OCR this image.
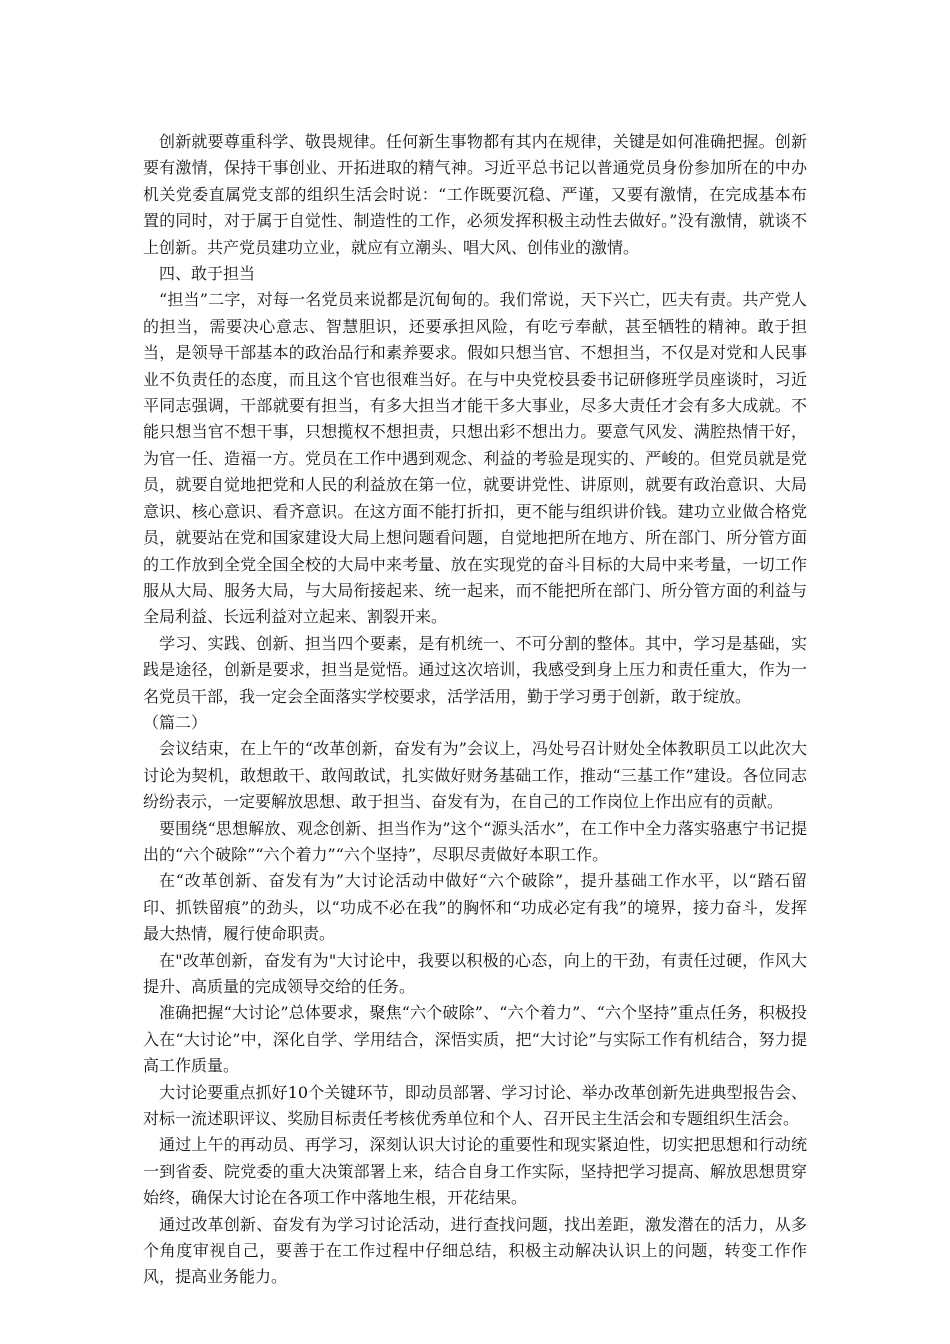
创新就要尊重科学、敬畏规律。任何新生事物都有其内在规律，关键是如何准确把握。创新要有激情，保持干事创业、开拓进取的精气神。习近平总书记以普通党员身份参加所在的中办机关党委直属党支部的组织生活会时说：“工作既要沉稳、严谨，又要有激情，在完成基本布置的同时，对于属于自觉性、制造性的工作，必须发挥积极主动性去做好。”没有激情，就谈不上创新。共产党员建功立业，就应有立潮头、唱大风、创伟业的激情。

四、敢于担当

“担当”二字，对每一名党员来说都是沉甸甸的。我们常说，天下兴亡，匹夫有责。共产党人的担当，需要决心意志、智慧胆识，还要承担风险，有吃亏奉献，甚至牺牲的精神。敢于担当，是领导干部基本的政治品行和素养要求。假如只想当官、不想担当，不仅是对党和人民事业不负责任的态度，而且这个官也很难当好。在与中央党校县委书记研修班学员座谈时，习近平同志强调，干部就要有担当，有多大担当才能干多大事业，尽多大责任才会有多大成就。不能只想当官不想干事，只想揽权不想担责，只想出彩不想出力。要意气风发、满腔热情干好，为官一任、造福一方。党员在工作中遇到观念、利益的考验是现实的、严峻的。但党员就是党员，就要自觉地把党和人民的利益放在第一位，就要讲党性、讲原则，就要有政治意识、大局意识、核心意识、看齐意识。在这方面不能打折扣，更不能与组织讲价钱。建功立业做合格党员，就要站在党和国家建设大局上想问题看问题，自觉地把所在地方、所在部门、所分管方面的工作放到全党全国全校的大局中来考量、放在实现党的奋斗目标的大局中来考量，一切工作服从大局、服务大局，与大局衔接起来、统一起来，而不能把所在部门、所分管方面的利益与全局利益、长远利益对立起来、割裂开来。

学习、实践、创新、担当四个要素，是有机统一、不可分割的整体。其中，学习是基础，实践是途径，创新是要求，担当是觉悟。通过这次培训，我感受到身上压力和责任重大，作为一名党员干部，我一定会全面落实学校要求，活学活用，勤于学习勇于创新，敢于绽放。

（篇二）

会议结束，在上午的“改革创新，奋发有为”会议上，冯处号召计财处全体教职员工以此次大讨论为契机，敢想敢干、敢闯敢试，扎实做好财务基础工作，推动“三基工作”建设。各位同志纷纷表示，一定要解放思想、敢于担当、奋发有为，在自己的工作岗位上作出应有的贡献。

要围绕“思想解放、观念创新、担当作为”这个“源头活水”，在工作中全力落实骆惠宁书记提出的“六个破除”“六个着力”“六个坚持”，尽职尽责做好本职工作。

在“改革创新、奋发有为”大讨论活动中做好“六个破除”，提升基础工作水平，以“踏石留印、抓铁留痕”的劲头，以“功成不必在我”的胸怀和“功成必定有我”的境界，接力奋斗，发挥最大热情，履行使命职责。

在"改革创新，奋发有为"大讨论中，我要以积极的心态，向上的干劲，有责任过硬，作风大提升、高质量的完成领导交给的任务。

准确把握“大讨论”总体要求，聚焦“六个破除”、“六个着力”、“六个坚持”重点任务，积极投入在“大讨论”中，深化自学、学用结合，深悟实质，把“大讨论”与实际工作有机结合，努力提高工作质量。

大讨论要重点抓好10个关键环节，即动员部署、学习讨论、举办改革创新先进典型报告会、对标一流述职评议、奖励目标责任考核优秀单位和个人、召开民主生活会和专题组织生活会。

通过上午的再动员、再学习，深刻认识大讨论的重要性和现实紧迫性，切实把思想和行动统一到省委、院党委的重大决策部署上来，结合自身工作实际，坚持把学习提高、解放思想贯穿始终，确保大讨论在各项工作中落地生根，开花结果。

通过改革创新、奋发有为学习讨论活动，进行查找问题，找出差距，激发潜在的活力，从多个角度审视自己，要善于在工作过程中仔细总结，积极主动解决认识上的问题，转变工作作风，提高业务能力。
